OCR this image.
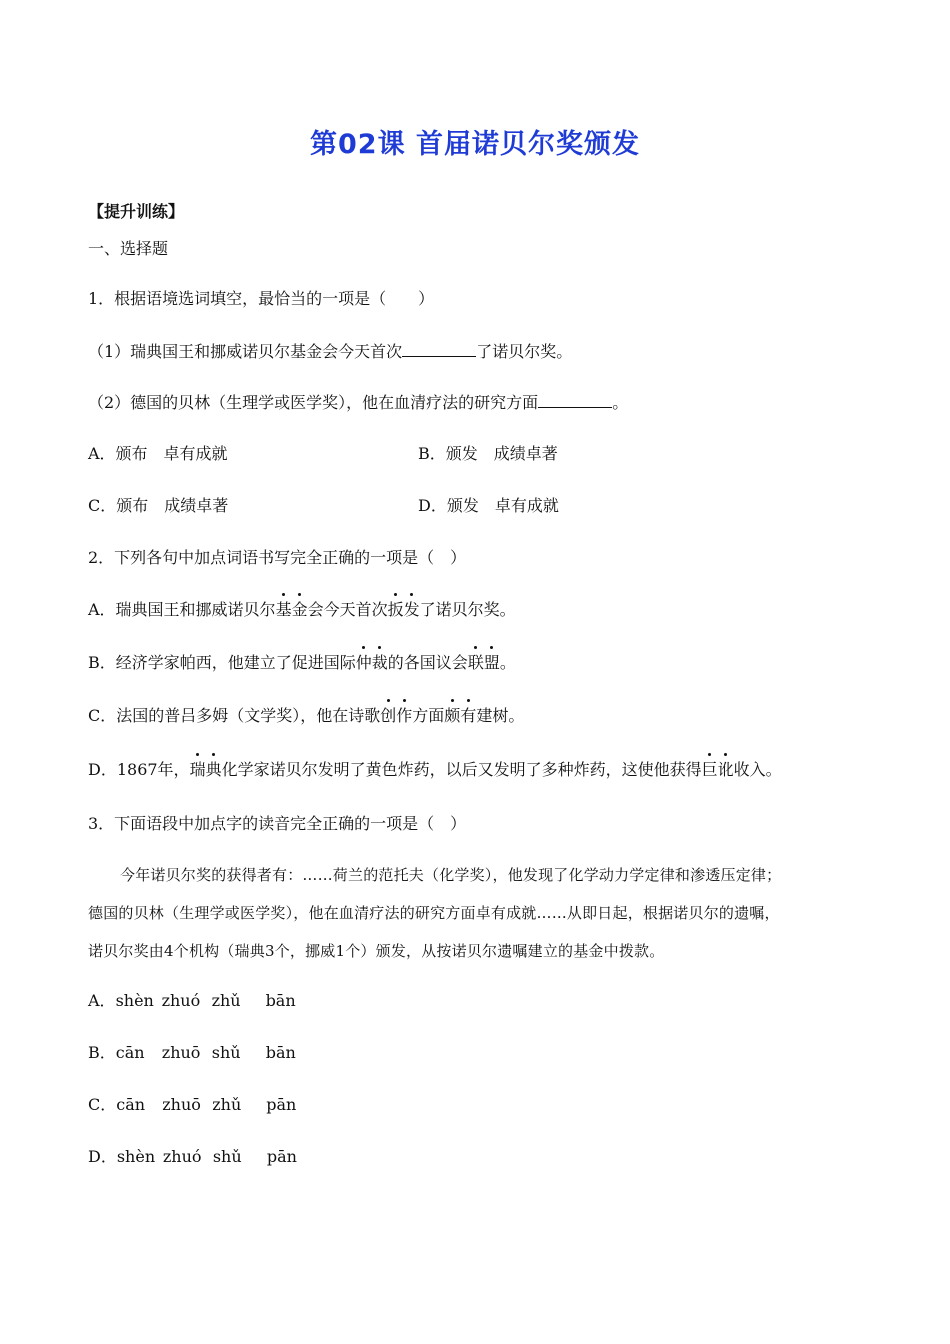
第02课 首届诺贝尔奖颁发
【提升训练】
一、选择题
1．根据语境选词填空，最恰当的一项是（　　）
（1）瑞典国王和挪威诺贝尔基金会今天首次	了诺贝尔奖。
（2）德国的贝林（生理学或医学奖），他在血清疗法的研究方面	。
A．颁布　卓有成就	B．颁发　成绩卓著
C．颁布　成绩卓著	D．颁发　卓有成就
2．下列各句中加点词语书写完全正确的一项是（　）
A．瑞典国王和挪威诺贝尔基金会今天首次扳发了诺贝尔奖。
B．经济学家帕西，他建立了促进国际仲裁的各国议会联盟。
C．法国的普吕多姆（文学奖），他在诗歌创作方面颇有建树。
D．1867年，瑞典化学家诺贝尔发明了黄色炸药，以后又发明了多种炸药，这使他获得巨讹收入。
3．下面语段中加点字的读音完全正确的一项是（　）
今年诺贝尔奖的获得者有：……荷兰的范托夫（化学奖），他发现了化学动力学定律和渗透压定律；
德国的贝林（生理学或医学奖），他在血清疗法的研究方面卓有成就……从即日起，根据诺贝尔的遗嘱，
诺贝尔奖由4个机构（瑞典3个，挪威1个）颁发，从按诺贝尔遗嘱建立的基金中拨款。
A．shèn zhuó zhǔ bān
B．cān zhuō shǔ bān
C．cān zhuō zhǔ pān
D．shèn zhuó shǔ pān
